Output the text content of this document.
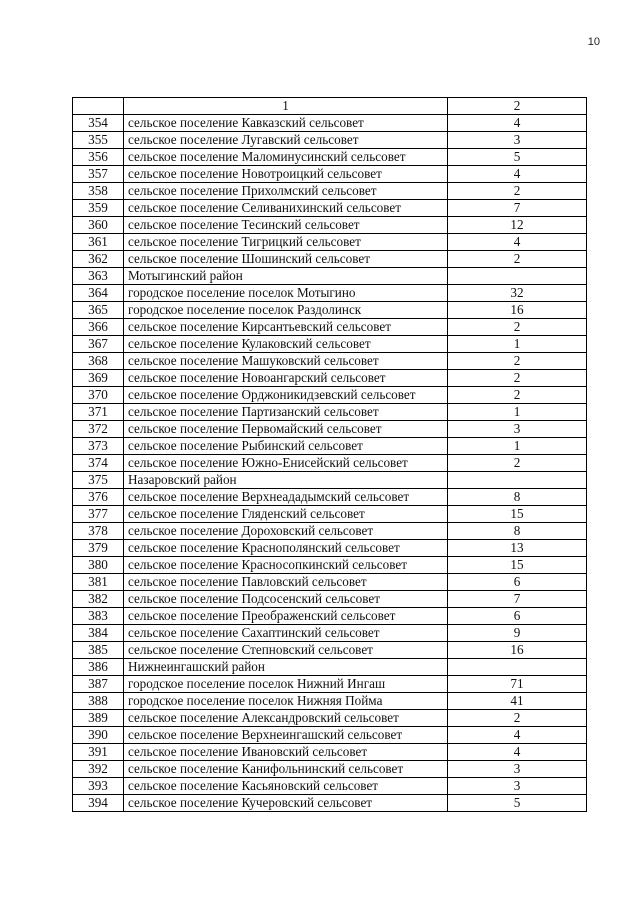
10
	1	2
354	сельское поселение Кавказский сельсовет	4
355	сельское поселение Лугавский сельсовет	3
356	сельское поселение Маломинусинский сельсовет	5
357	сельское поселение Новотроицкий сельсовет	4
358	сельское поселение Прихолмский сельсовет	2
359	сельское поселение Селиванихинский сельсовет	7
360	сельское поселение Тесинский сельсовет	12
361	сельское поселение Тигрицкий сельсовет	4
362	сельское поселение Шошинский сельсовет	2
363	Мотыгинский район	
364	городское поселение поселок Мотыгино	32
365	городское поселение поселок Раздолинск	16
366	сельское поселение Кирсантьевский сельсовет	2
367	сельское поселение Кулаковский сельсовет	1
368	сельское поселение Машуковский сельсовет	2
369	сельское поселение Новоангарский сельсовет	2
370	сельское поселение Орджоникидзевский сельсовет	2
371	сельское поселение Партизанский сельсовет	1
372	сельское поселение Первомайский сельсовет	3
373	сельское поселение Рыбинский сельсовет	1
374	сельское поселение Южно-Енисейский сельсовет	2
375	Назаровский район	
376	сельское поселение Верхнеададымский сельсовет	8
377	сельское поселение Гляденский сельсовет	15
378	сельское поселение Дороховский сельсовет	8
379	сельское поселение Краснополянский сельсовет	13
380	сельское поселение Красносопкинский сельсовет	15
381	сельское поселение Павловский сельсовет	6
382	сельское поселение Подсосенский сельсовет	7
383	сельское поселение Преображенский сельсовет	6
384	сельское поселение Сахаптинский сельсовет	9
385	сельское поселение Степновский сельсовет	16
386	Нижнеингашский район	
387	городское поселение поселок Нижний Ингаш	71
388	городское поселение поселок Нижняя Пойма	41
389	сельское поселение Александровский сельсовет	2
390	сельское поселение Верхнеингашский сельсовет	4
391	сельское поселение Ивановский сельсовет	4
392	сельское поселение Канифольнинский сельсовет	3
393	сельское поселение Касьяновский сельсовет	3
394	сельское поселение Кучеровский сельсовет	5
